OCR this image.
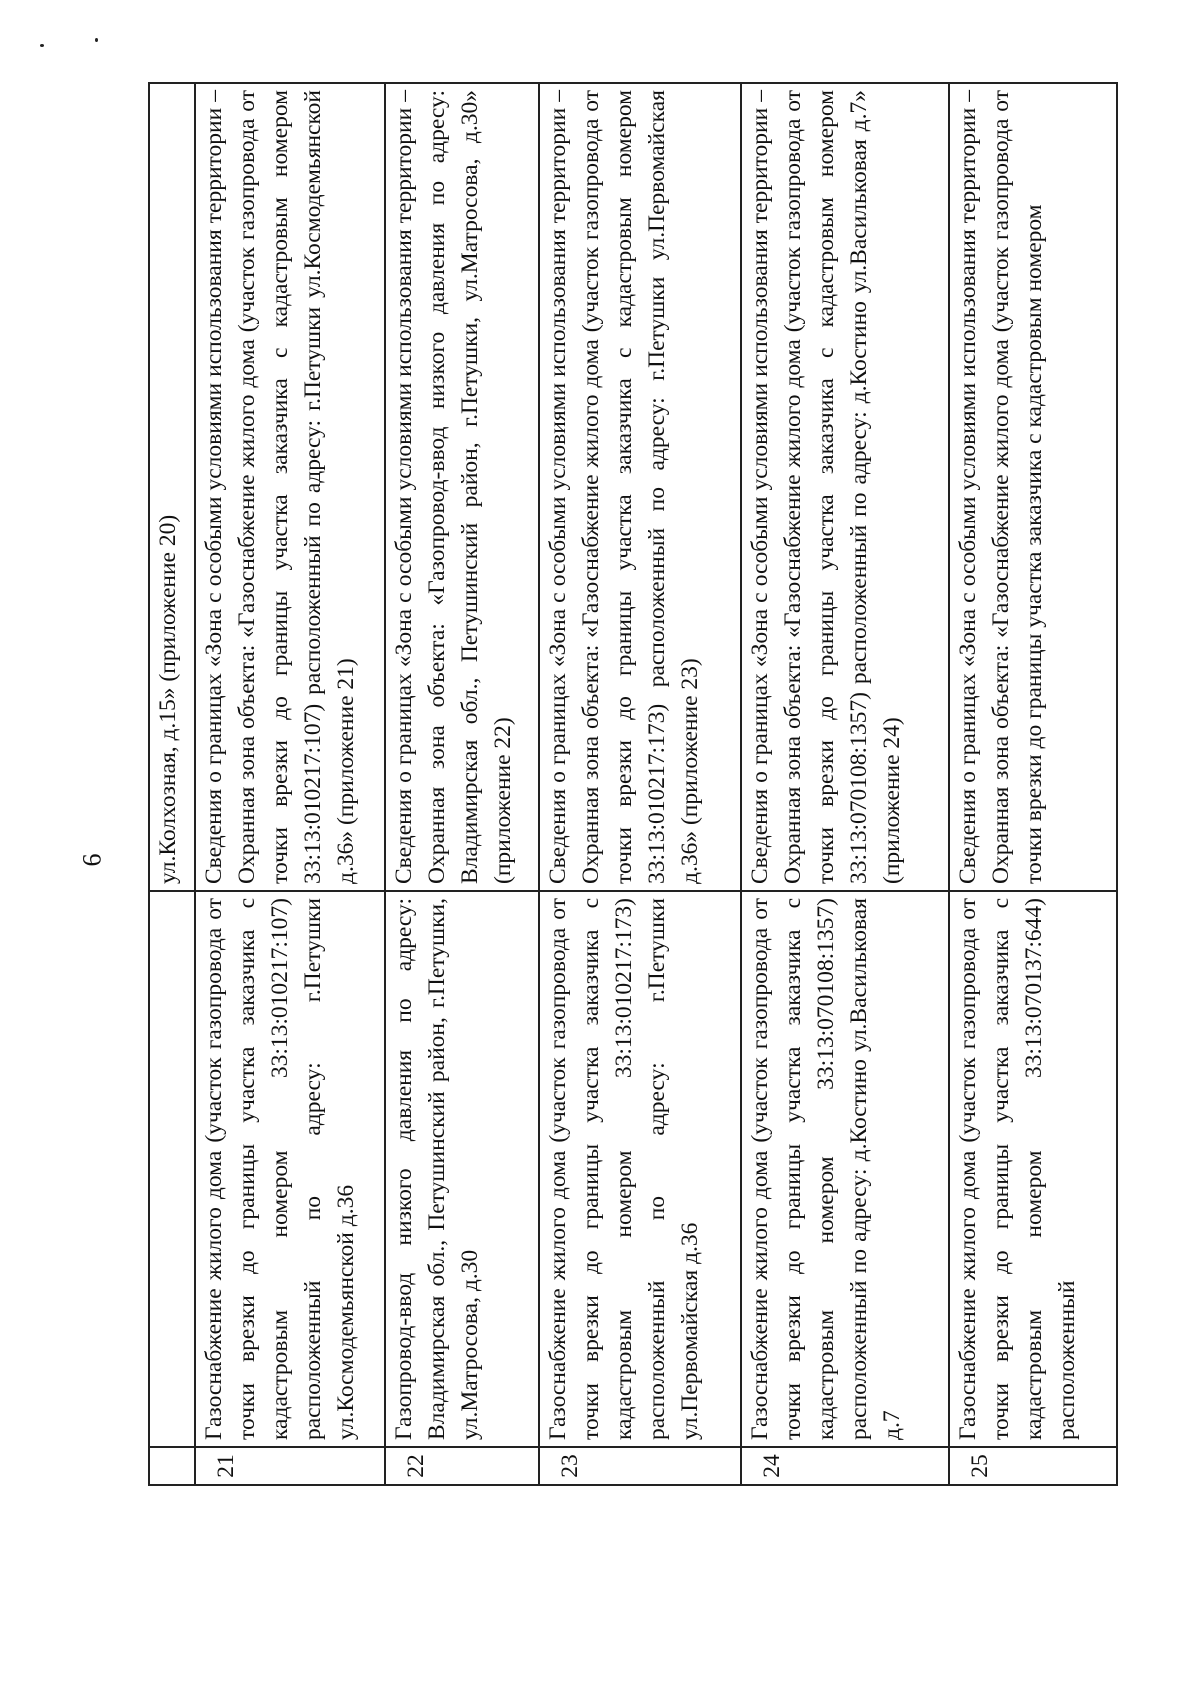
6
		ул.Колхозная, д.15» (приложение 20)
21	Газоснабжение жилого дома (участок газопровода от точки врезки до границы участка заказчика с кадастровым номером 33:13:010217:107) расположенный по адресу: г.Петушки ул.Космодемьянской д.36	Сведения о границах «Зона с особыми условиями использования территории – Охранная зона объекта: «Газоснабжение жилого дома (участок газопровода от точки врезки до границы участка заказчика с кадастровым номером 33:13:010217:107) расположенный по адресу: г.Петушки ул.Космодемьянской д.36» (приложение 21)
22	Газопровод-ввод низкого давления по адресу: Владимирская обл., Петушинский район, г.Петушки, ул.Матросова, д.30	Сведения о границах «Зона с особыми условиями использования территории – Охранная зона объекта: «Газопровод-ввод низкого давления по адресу: Владимирская обл., Петушинский район, г.Петушки, ул.Матросова, д.30» (приложение 22)
23	Газоснабжение жилого дома (участок газопровода от точки врезки до границы участка заказчика с кадастровым номером 33:13:010217:173) расположенный по адресу: г.Петушки ул.Первомайская д.36	Сведения о границах «Зона с особыми условиями использования территории – Охранная зона объекта: «Газоснабжение жилого дома (участок газопровода от точки врезки до границы участка заказчика с кадастровым номером 33:13:010217:173) расположенный по адресу: г.Петушки ул.Первомайская д.36» (приложение 23)
24	Газоснабжение жилого дома (участок газопровода от точки врезки до границы участка заказчика с кадастровым номером 33:13:070108:1357) расположенный по адресу: д.Костино ул.Васильковая д.7	Сведения о границах «Зона с особыми условиями использования территории – Охранная зона объекта: «Газоснабжение жилого дома (участок газопровода от точки врезки до границы участка заказчика с кадастровым номером 33:13:070108:1357) расположенный по адресу: д.Костино ул.Васильковая д.7» (приложение 24)
25	Газоснабжение жилого дома (участок газопровода от точки врезки до границы участка заказчика с кадастровым номером 33:13:070137:644) расположенный	Сведения о границах «Зона с особыми условиями использования территории – Охранная зона объекта: «Газоснабжение жилого дома (участок газопровода от точки врезки до границы участка заказчика с кадастровым номером
